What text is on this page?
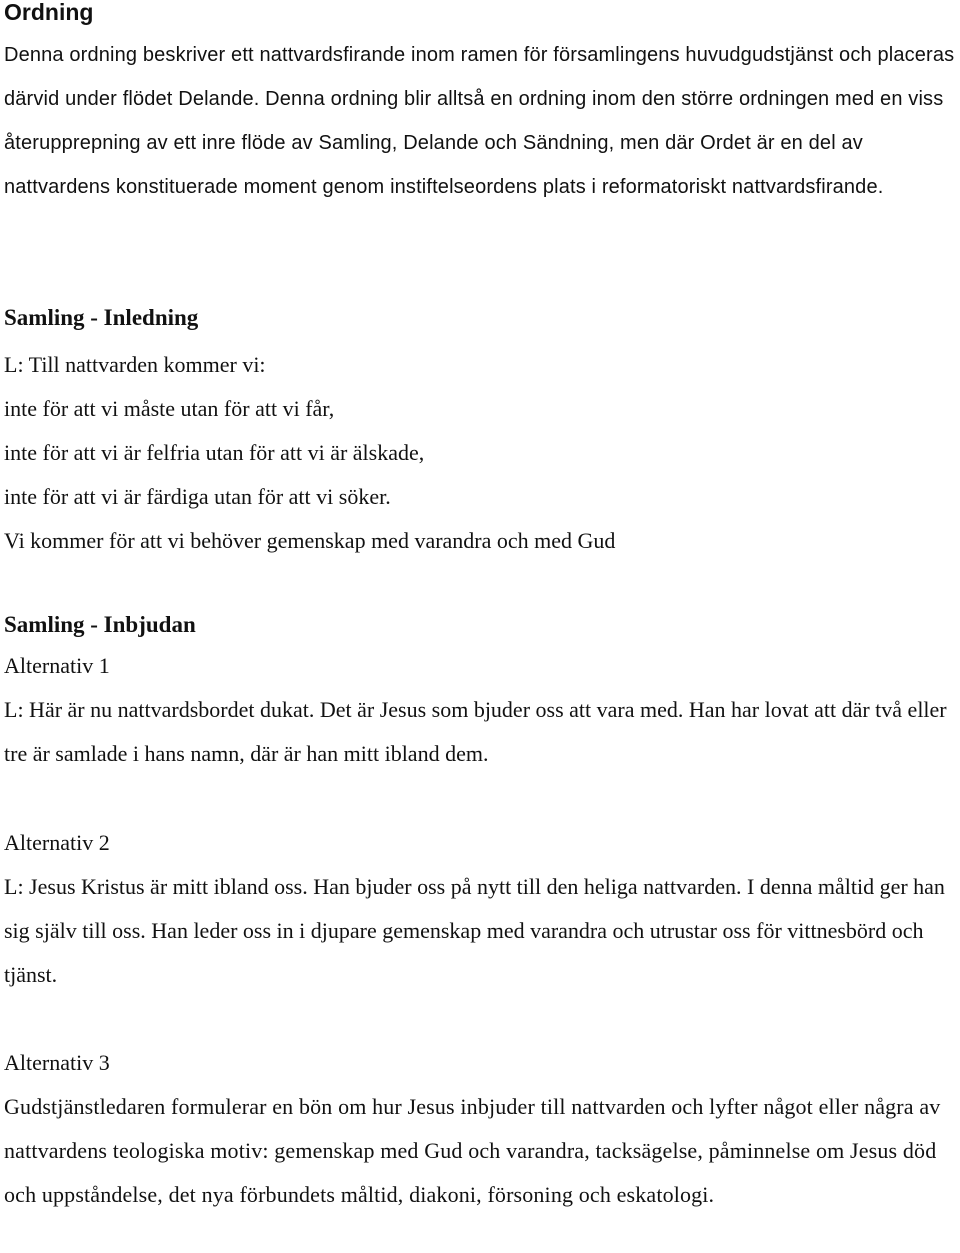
Ordning

Denna ordning beskriver ett nattvardsfirande inom ramen för församlingens huvudgudstjänst och placeras därvid under flödet Delande. Denna ordning blir alltså en ordning inom den större ordningen med en viss återupprepning av ett inre flöde av Samling, Delande och Sändning, men där Ordet är en del av nattvardens konstituerade moment genom instiftelseordens plats i reformatoriskt nattvardsfirande.

Samling - Inledning

L: Till nattvarden kommer vi:

inte för att vi måste utan för att vi får,

inte för att vi är felfria utan för att vi är älskade,

inte för att vi är färdiga utan för att vi söker.

Vi kommer för att vi behöver gemenskap med varandra och med Gud

Samling - Inbjudan

Alternativ 1

L: Här är nu nattvardsbordet dukat. Det är Jesus som bjuder oss att vara med. Han har lovat att där två eller tre är samlade i hans namn, där är han mitt ibland dem.

Alternativ 2

L: Jesus Kristus är mitt ibland oss. Han bjuder oss på nytt till den heliga nattvarden. I denna måltid ger han sig själv till oss. Han leder oss in i djupare gemenskap med varandra och utrustar oss för vittnesbörd och tjänst.

Alternativ 3

Gudstjänstledaren formulerar en bön om hur Jesus inbjuder till nattvarden och lyfter något eller några av nattvardens teologiska motiv: gemenskap med Gud och varandra, tacksägelse, påminnelse om Jesus död och uppståndelse, det nya förbundets måltid, diakoni, försoning och eskatologi.
